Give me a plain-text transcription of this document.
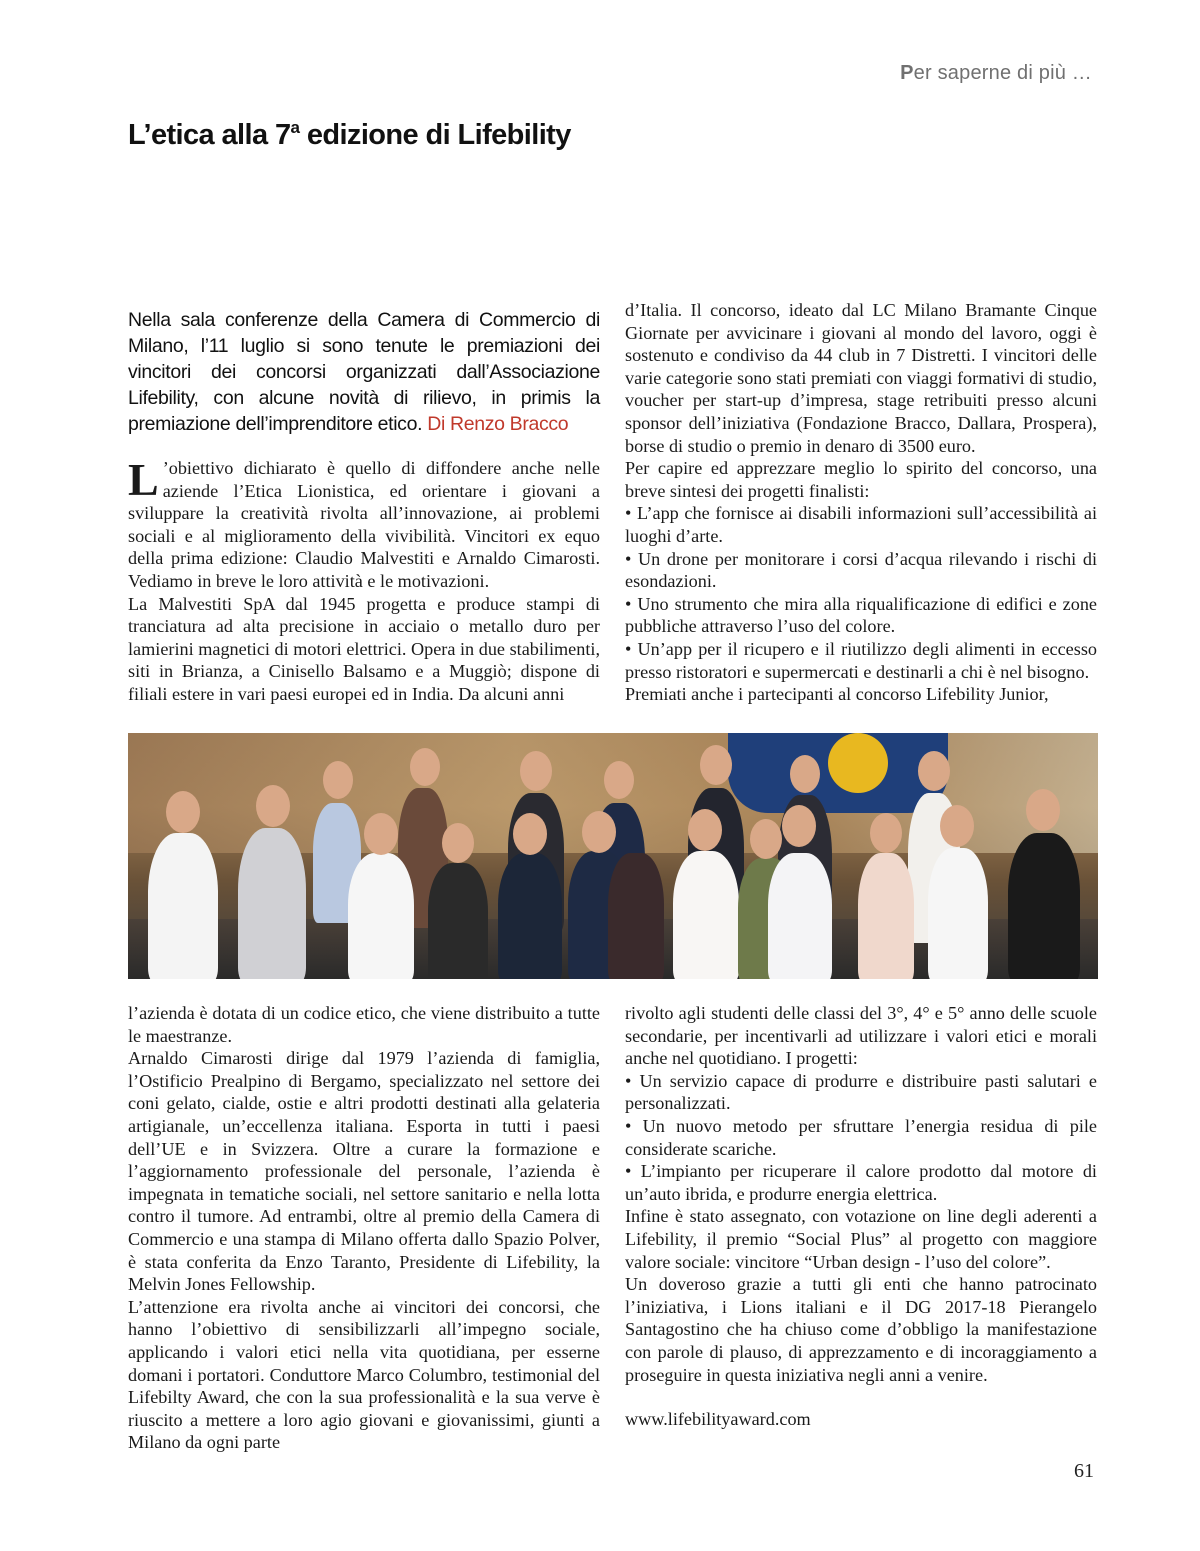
Per saperne di più …
L’etica alla 7$^a$ edizione di Lifebility
Nella sala conferenze della Camera di Commercio di Milano, l’11 luglio si sono tenute le premiazioni dei vincitori dei concorsi organizzati dall’Associazione Lifebility, con alcune novità di rilievo, in primis la premiazione dell’imprenditore etico. Di Renzo Bracco

L ’obiettivo dichiarato è quello di diffondere anche nelle aziende l’Etica Lionistica, ed orientare i giovani a sviluppare la creatività rivolta all’innovazione, ai problemi sociali e al miglioramento della vivibilità. Vincitori ex equo della prima edizione: Claudio Malvestiti e Arnaldo Cimarosti. Vediamo in breve le loro attività e le motivazioni.

La Malvestiti SpA dal 1945 progetta e produce stampi di tranciatura ad alta precisione in acciaio o metallo duro per lamierini magnetici di motori elettrici. Opera in due stabilimenti, siti in Brianza, a Cinisello Balsamo e a Muggiò; dispone di filiali estere in vari paesi europei ed in India. Da alcuni anni

d’Italia. Il concorso, ideato dal LC Milano Bramante Cinque Giornate per avvicinare i giovani al mondo del lavoro, oggi è sostenuto e condiviso da 44 club in 7 Distretti. I vincitori delle varie categorie sono stati premiati con viaggi formativi di studio, voucher per start-up d’impresa, stage retribuiti presso alcuni sponsor dell’iniziativa (Fondazione Bracco, Dallara, Prospera), borse di studio o premio in denaro di 3500 euro.

Per capire ed apprezzare meglio lo spirito del concorso, una breve sintesi dei progetti finalisti:

• L’app che fornisce ai disabili informazioni sull’accessibilità ai luoghi d’arte.

• Un drone per monitorare i corsi d’acqua rilevando i rischi di esondazioni.

• Uno strumento che mira alla riqualificazione di edifici e zone pubbliche attraverso l’uso del colore.

• Un’app per il ricupero e il riutilizzo degli alimenti in eccesso presso ristoratori e supermercati e destinarli a chi è nel bisogno.

Premiati anche i partecipanti al concorso Lifebility Junior,

l’azienda è dotata di un codice etico, che viene distribuito a tutte le maestranze.

Arnaldo Cimarosti dirige dal 1979 l’azienda di famiglia, l’Ostificio Prealpino di Bergamo, specializzato nel settore dei coni gelato, cialde, ostie e altri prodotti destinati alla gelateria artigianale, un’eccellenza italiana. Esporta in tutti i paesi dell’UE e in Svizzera. Oltre a curare la formazione e l’aggiornamento professionale del personale, l’azienda è impegnata in tematiche sociali, nel settore sanitario e nella lotta contro il tumore. Ad entrambi, oltre al premio della Camera di Commercio e una stampa di Milano offerta dallo Spazio Polver, è stata conferita da Enzo Taranto, Presidente di Lifebility, la Melvin Jones Fellowship.

L’attenzione era rivolta anche ai vincitori dei concorsi, che hanno l’obiettivo di sensibilizzarli all’impegno sociale, applicando i valori etici nella vita quotidiana, per esserne domani i portatori. Conduttore Marco Columbro, testimonial del Lifebilty Award, che con la sua professionalità e la sua verve è riuscito a mettere a loro agio giovani e giovanissimi, giunti a Milano da ogni parte

rivolto agli studenti delle classi del 3°, 4° e 5° anno delle scuole secondarie, per incentivarli ad utilizzare i valori etici e morali anche nel quotidiano. I progetti:

• Un servizio capace di produrre e distribuire pasti salutari e personalizzati.

• Un nuovo metodo per sfruttare l’energia residua di pile considerate scariche.

• L’impianto per ricuperare il calore prodotto dal motore di un’auto ibrida, e produrre energia elettrica.

Infine è stato assegnato, con votazione on line degli aderenti a Lifebility, il premio “Social Plus” al progetto con maggiore valore sociale: vincitore “Urban design - l’uso del colore”.

Un doveroso grazie a tutti gli enti che hanno patrocinato l’iniziativa, i Lions italiani e il DG 2017-18 Pierangelo Santagostino che ha chiuso come d’obbligo la manifestazione con parole di plauso, di apprezzamento e di incoraggiamento a proseguire in questa iniziativa negli anni a venire.

www.lifebilityaward.com

61
